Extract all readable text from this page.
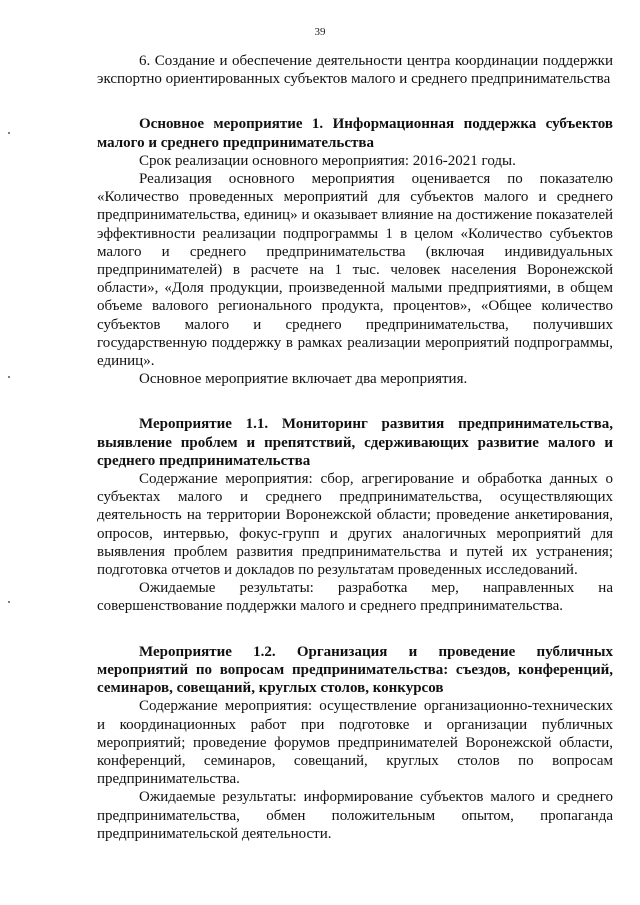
39

6. Создание и обеспечение деятельности центра координации поддержки экспортно ориентированных субъектов малого и среднего предпринимательства

Основное мероприятие 1. Информационная поддержка субъектов малого и среднего предпринимательства

Срок реализации основного мероприятия: 2016-2021 годы.

Реализация основного мероприятия оценивается по показателю «Количество проведенных мероприятий для субъектов малого и среднего предпринимательства, единиц» и оказывает влияние на достижение показателей эффективности реализации подпрограммы 1 в целом «Количество субъектов малого и среднего предпринимательства (включая индивидуальных предпринимателей) в расчете на 1 тыс. человек населения Воронежской области», «Доля продукции, произведенной малыми предприятиями, в общем объеме валового регионального продукта, процентов», «Общее количество субъектов малого и среднего предпринимательства, получивших государственную поддержку в рамках реализации мероприятий подпрограммы, единиц».

Основное мероприятие включает два мероприятия.

Мероприятие 1.1. Мониторинг развития предпринимательства, выявление проблем и препятствий, сдерживающих развитие малого и среднего предпринимательства

Содержание мероприятия: сбор, агрегирование и обработка данных о субъектах малого и среднего предпринимательства, осуществляющих деятельность на территории Воронежской области; проведение анкетирования, опросов, интервью, фокус-групп и других аналогичных мероприятий для выявления проблем развития предпринимательства и путей их устранения; подготовка отчетов и докладов по результатам проведенных исследований.

Ожидаемые результаты: разработка мер, направленных на совершенствование поддержки малого и среднего предпринимательства.

Мероприятие 1.2. Организация и проведение публичных мероприятий по вопросам предпринимательства: съездов, конференций, семинаров, совещаний, круглых столов, конкурсов

Содержание мероприятия: осуществление организационно-технических и координационных работ при подготовке и организации публичных мероприятий; проведение форумов предпринимателей Воронежской области, конференций, семинаров, совещаний, круглых столов по вопросам предпринимательства.

Ожидаемые результаты: информирование субъектов малого и среднего предпринимательства, обмен положительным опытом, пропаганда предпринимательской деятельности.
